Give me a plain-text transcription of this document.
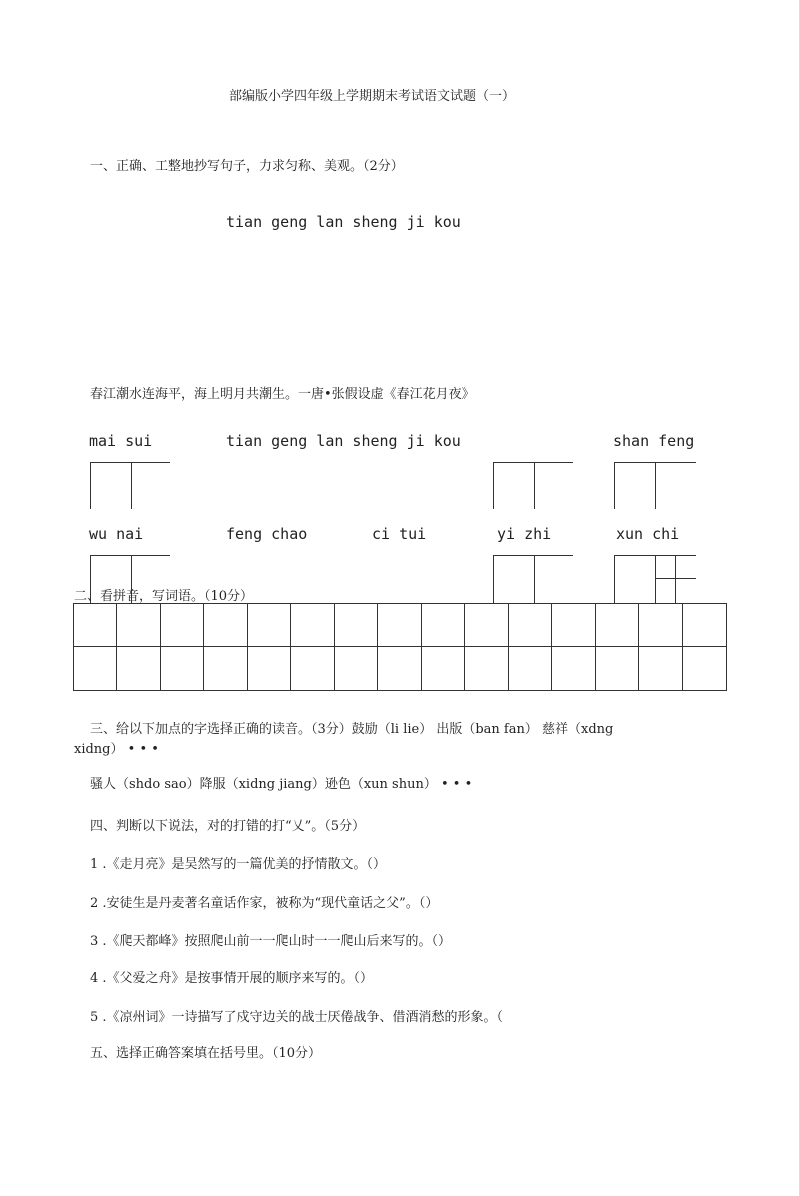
部编版小学四年级上学期期末考试语文试题（一）
一、正确、工整地抄写句子，力求匀称、美观。（2分）
tian geng lan sheng ji kou
春江潮水连海平，海上明月共潮生。一唐•张假设虚《春江花月夜》
mai sui	tian geng lan sheng ji kou	shan feng
wu nai	feng chao	ci tui	yi zhi	xun chi
二、看拼音，写词语。（10分）
三、给以下加点的字选择正确的读音。（3分）鼓励（li lie） 出版（ban fan） 慈祥（xdng
xidng） • • •
骚人（shdo sao）降服（xidng jiang）逊色（xun shun） • • •
四、判断以下说法，对的打错的打“乂”。（5分）
1 .《走月亮》是吴然写的一篇优美的抒情散文。（）
2 .安徒生是丹麦著名童话作家，被称为“现代童话之父”。（）
3 .《爬天都峰》按照爬山前一一爬山时一一爬山后来写的。（）
4 .《父爱之舟》是按事情开展的顺序来写的。（）
5 .《凉州词》一诗描写了戍守边关的战士厌倦战争、借酒消愁的形象。（
五、选择正确答案填在括号里。（10分）
